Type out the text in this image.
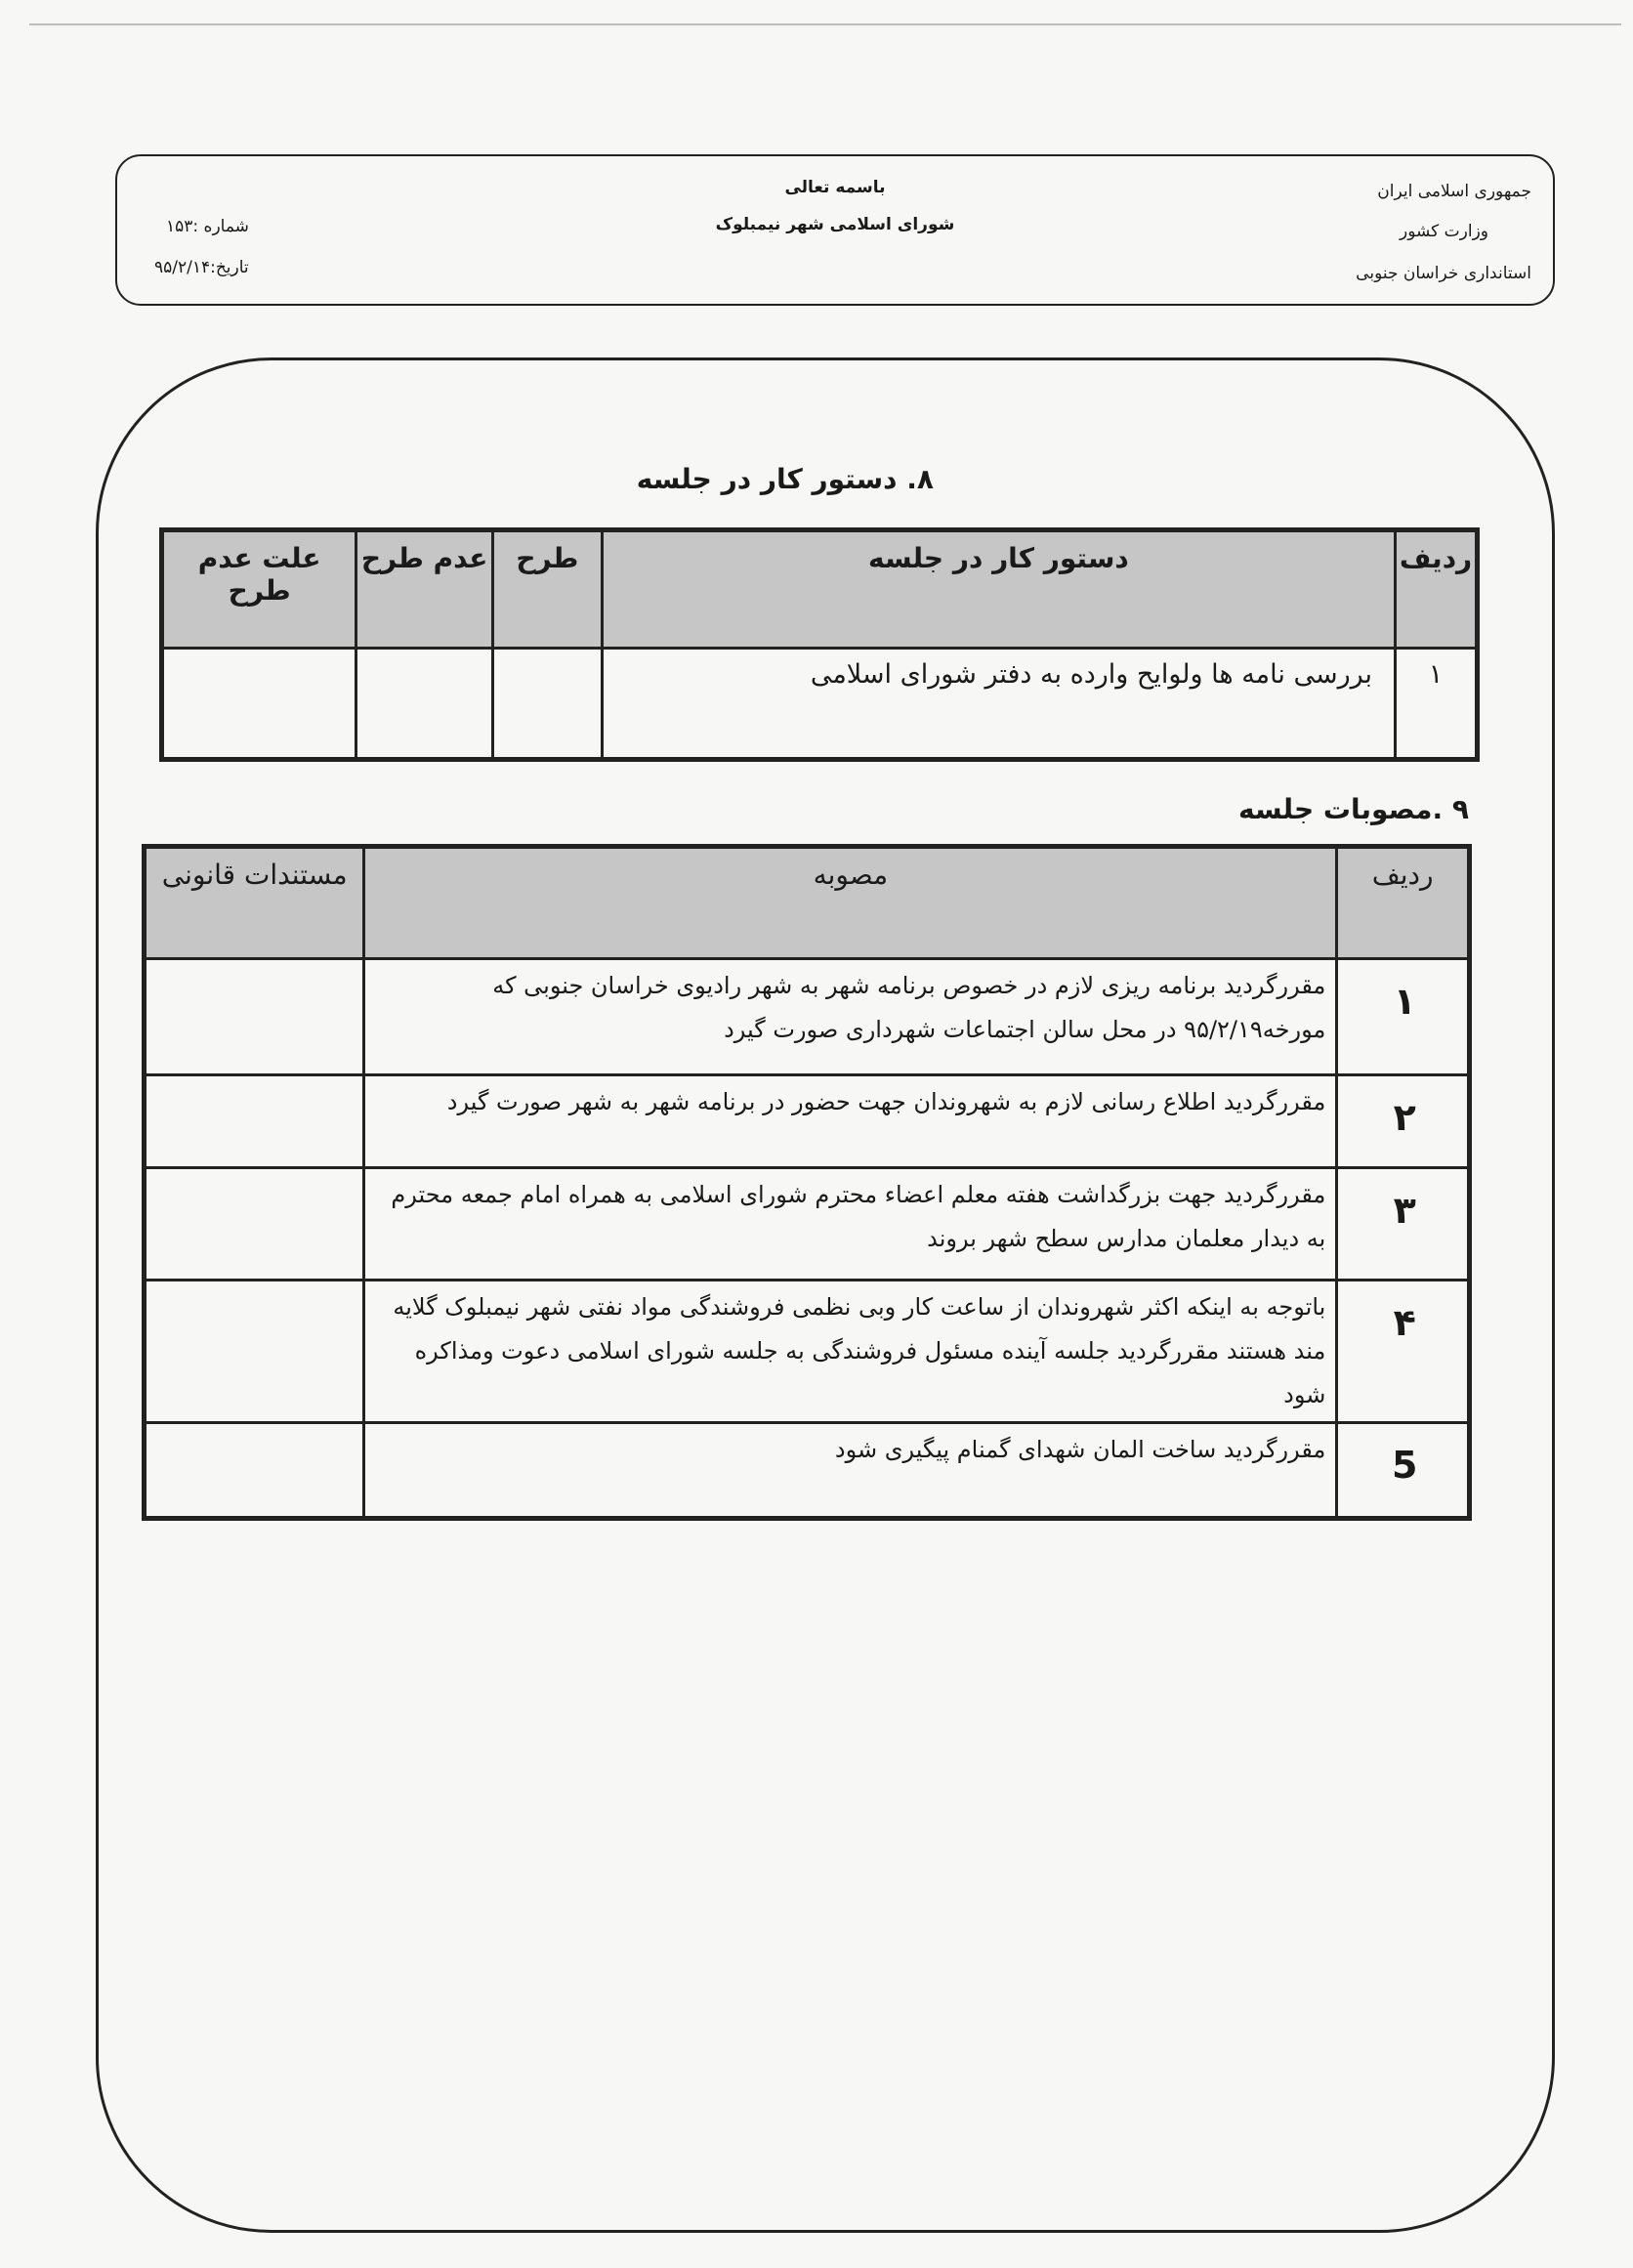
باسمه تعالی
شورای اسلامی شهر نیمبلوک
جمهوری اسلامی ایران
وزارت کشور
استانداری خراسان جنوبی
شماره :۱۵۳
تاریخ:۹۵/۲/۱۴
۸. دستور کار در جلسه
ردیف	دستور کار در جلسه	طرح	عدم طرح	علت عدم طرح
۱	بررسی نامه ها ولوایح وارده به دفتر شورای اسلامی			
۹ .مصوبات جلسه
ردیف	مصوبه	مستندات قانونی
۱	مقررگردید برنامه ریزی لازم در خصوص برنامه شهر به شهر رادیوی خراسان جنوبی که مورخه۹۵/۲/۱۹ در محل سالن اجتماعات شهرداری صورت گیرد	
۲	مقررگردید اطلاع رسانی لازم به شهروندان جهت حضور در برنامه شهر به شهر صورت گیرد	
۳	مقررگردید جهت بزرگداشت هفته معلم اعضاء محترم شورای اسلامی به همراه امام جمعه محترم به دیدار معلمان مدارس سطح شهر بروند	
۴	باتوجه به اینکه اکثر شهروندان از ساعت کار وبی نظمی فروشندگی مواد نفتی شهر نیمبلوک گلایه مند هستند مقررگردید جلسه آینده مسئول فروشندگی به جلسه شورای اسلامی دعوت ومذاکره شود	
5	مقررگردید ساخت المان شهدای گمنام پیگیری شود	
